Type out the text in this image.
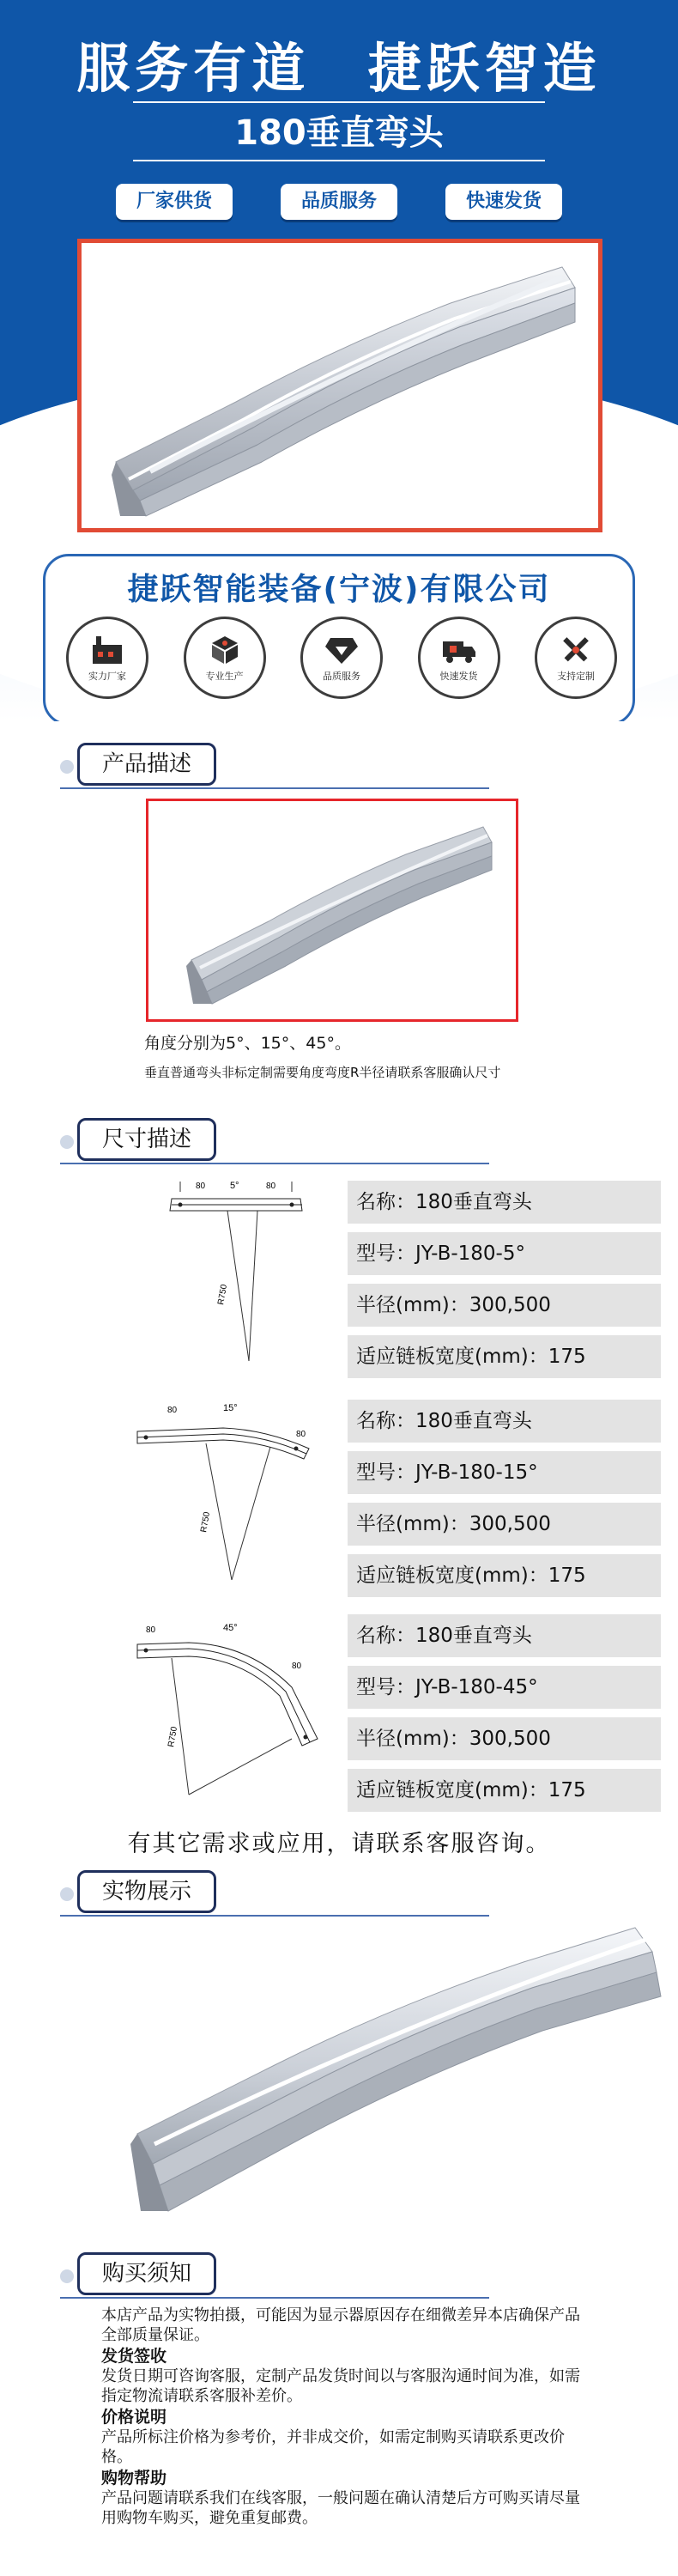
服务有道 捷跃智造
180垂直弯头
厂家供货	品质服务	快速发货
捷跃智能装备(宁波)有限公司
实力厂家	专业生产	品质服务	快速发货	支持定制
产品描述
角度分别为5°、15°、45°。
垂直普通弯头非标定制需要角度弯度R半径请联系客服确认尺寸
尺寸描述
80	5°	80
R750
名称：180垂直弯头
型号：JY-B-180-5°
半径(mm)：300,500
适应链板宽度(mm)：175
80	15°
80
R750
名称：180垂直弯头
型号：JY-B-180-15°
半径(mm)：300,500
适应链板宽度(mm)：175
80	45°
80
R750
名称：180垂直弯头
型号：JY-B-180-45°
半径(mm)：300,500
适应链板宽度(mm)：175
有其它需求或应用，请联系客服咨询。
实物展示
购买须知

本店产品为实物拍摄，可能因为显示器原因存在细微差异本店确保产品全部质量保证。

发货签收

发货日期可咨询客服，定制产品发货时间以与客服沟通时间为准，如需指定物流请联系客服补差价。

价格说明

产品所标注价格为参考价，并非成交价，如需定制购买请联系更改价格。

购物帮助

产品问题请联系我们在线客服，一般问题在确认清楚后方可购买请尽量用购物车购买，避免重复邮费。
